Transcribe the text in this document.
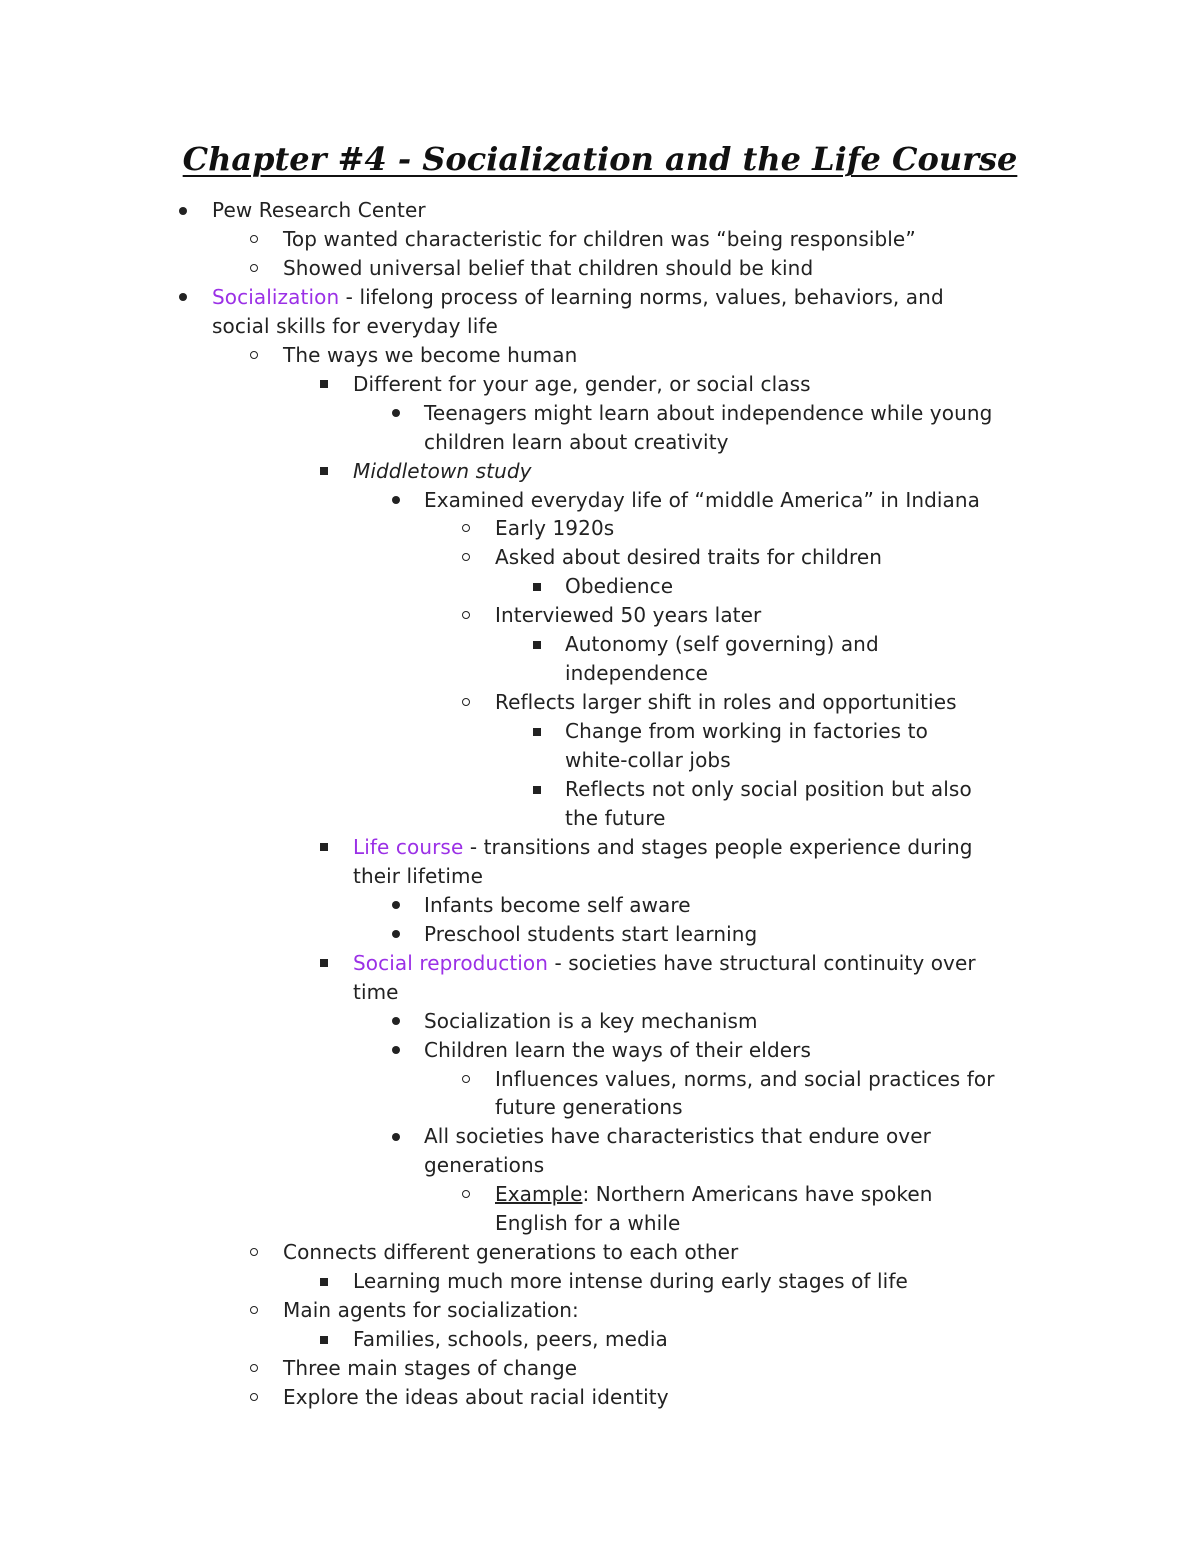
Chapter #4 - Socialization and the Life Course
Pew Research Center
Top wanted characteristic for children was “being responsible”
Showed universal belief that children should be kind
Socialization - lifelong process of learning norms, values, behaviors, and
social skills for everyday life
The ways we become human
Different for your age, gender, or social class
Teenagers might learn about independence while young
children learn about creativity
Middletown study
Examined everyday life of “middle America” in Indiana
Early 1920s
Asked about desired traits for children
Obedience
Interviewed 50 years later
Autonomy (self governing) and
independence
Reflects larger shift in roles and opportunities
Change from working in factories to
white-collar jobs
Reflects not only social position but also
the future
Life course - transitions and stages people experience during
their lifetime
Infants become self aware
Preschool students start learning
Social reproduction - societies have structural continuity over
time
Socialization is a key mechanism
Children learn the ways of their elders
Influences values, norms, and social practices for
future generations
All societies have characteristics that endure over
generations
Example: Northern Americans have spoken
English for a while
Connects different generations to each other
Learning much more intense during early stages of life
Main agents for socialization:
Families, schools, peers, media
Three main stages of change
Explore the ideas about racial identity
